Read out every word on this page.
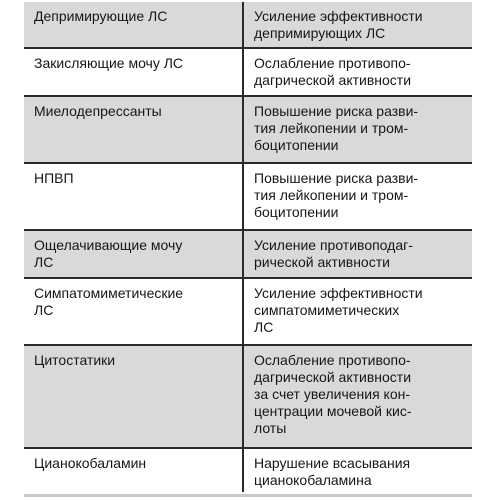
Депримирующие ЛС	Усиление эффективности
депримирующих ЛС

Закисляющие мочу ЛС	Ослабление противопо-
дагрической активности

Миелодепрессанты	Повышение риска разви-
тия лейкопении и тром-
боцитопении

НПВП	Повышение риска разви-
тия лейкопении и тром-
боцитопении

Ощелачивающие мочу
ЛС	Усиление противоподаг-
рической активности

Симпатомиметические
ЛС	Усиление эффективности
симпатомиметических
ЛС

Цитостатики	Ослабление противопо-
дагрической активности
за счет увеличения кон-
центрации мочевой кис-
лоты

Цианокобаламин	Нарушение всасывания
цианокобаламина
